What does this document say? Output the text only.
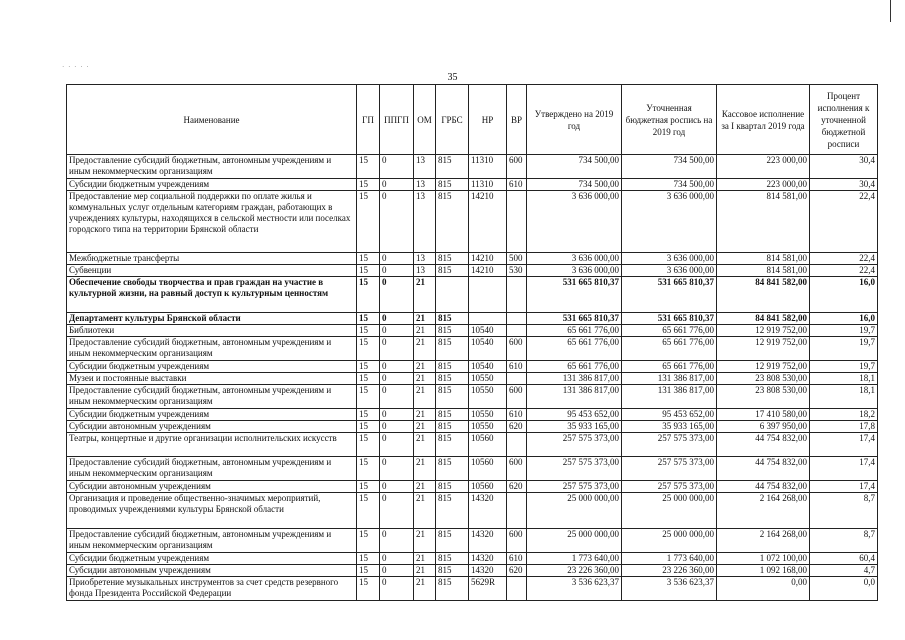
· · · · ·
35
Наименование	ГП	ППГП	ОМ	ГРБС	НР	ВР	Утверждено на 2019 год	Уточненная бюджетная роспись на 2019 год	Кассовое исполнение за I квартал 2019 года	Процент исполнения к уточненной бюджетной росписи
Предоставление субсидий бюджетным, автономным учреждениям и иным некоммерческим организациям	15	0	13	815	11310	600	734 500,00	734 500,00	223 000,00	30,4
Субсидии бюджетным учреждениям	15	0	13	815	11310	610	734 500,00	734 500,00	223 000,00	30,4
Предоставление мер социальной поддержки по оплате жилья и коммунальных услуг отдельным категориям граждан, работающих в учреждениях культуры, находящихся в сельской местности или поселках городского типа на территории Брянской области	15	0	13	815	14210		3 636 000,00	3 636 000,00	814 581,00	22,4
Межбюджетные трансферты	15	0	13	815	14210	500	3 636 000,00	3 636 000,00	814 581,00	22,4
Субвенции	15	0	13	815	14210	530	3 636 000,00	3 636 000,00	814 581,00	22,4
Обеспечение свободы творчества и прав граждан на участие в культурной жизни, на равный доступ к культурным ценностям	15	0	21				531 665 810,37	531 665 810,37	84 841 582,00	16,0
Департамент культуры Брянской области	15	0	21	815			531 665 810,37	531 665 810,37	84 841 582,00	16,0
Библиотеки	15	0	21	815	10540		65 661 776,00	65 661 776,00	12 919 752,00	19,7
Предоставление субсидий бюджетным, автономным учреждениям и иным некоммерческим организациям	15	0	21	815	10540	600	65 661 776,00	65 661 776,00	12 919 752,00	19,7
Субсидии бюджетным учреждениям	15	0	21	815	10540	610	65 661 776,00	65 661 776,00	12 919 752,00	19,7
Музеи и постоянные выставки	15	0	21	815	10550		131 386 817,00	131 386 817,00	23 808 530,00	18,1
Предоставление субсидий бюджетным, автономным учреждениям и иным некоммерческим организациям	15	0	21	815	10550	600	131 386 817,00	131 386 817,00	23 808 530,00	18,1
Субсидии бюджетным учреждениям	15	0	21	815	10550	610	95 453 652,00	95 453 652,00	17 410 580,00	18,2
Субсидии автономным учреждениям	15	0	21	815	10550	620	35 933 165,00	35 933 165,00	6 397 950,00	17,8
Театры, концертные и другие организации исполнительских искусств	15	0	21	815	10560		257 575 373,00	257 575 373,00	44 754 832,00	17,4
Предоставление субсидий бюджетным, автономным учреждениям и иным некоммерческим организациям	15	0	21	815	10560	600	257 575 373,00	257 575 373,00	44 754 832,00	17,4
Субсидии автономным учреждениям	15	0	21	815	10560	620	257 575 373,00	257 575 373,00	44 754 832,00	17,4
Организация и проведение общественно-значимых мероприятий, проводимых учреждениями культуры Брянской области	15	0	21	815	14320		25 000 000,00	25 000 000,00	2 164 268,00	8,7
Предоставление субсидий бюджетным, автономным учреждениям и иным некоммерческим организациям	15	0	21	815	14320	600	25 000 000,00	25 000 000,00	2 164 268,00	8,7
Субсидии бюджетным учреждениям	15	0	21	815	14320	610	1 773 640,00	1 773 640,00	1 072 100,00	60,4
Субсидии автономным учреждениям	15	0	21	815	14320	620	23 226 360,00	23 226 360,00	1 092 168,00	4,7
Приобретение музыкальных инструментов за счет средств резервного фонда Президента Российской Федерации	15	0	21	815	5629R		3 536 623,37	3 536 623,37	0,00	0,0
